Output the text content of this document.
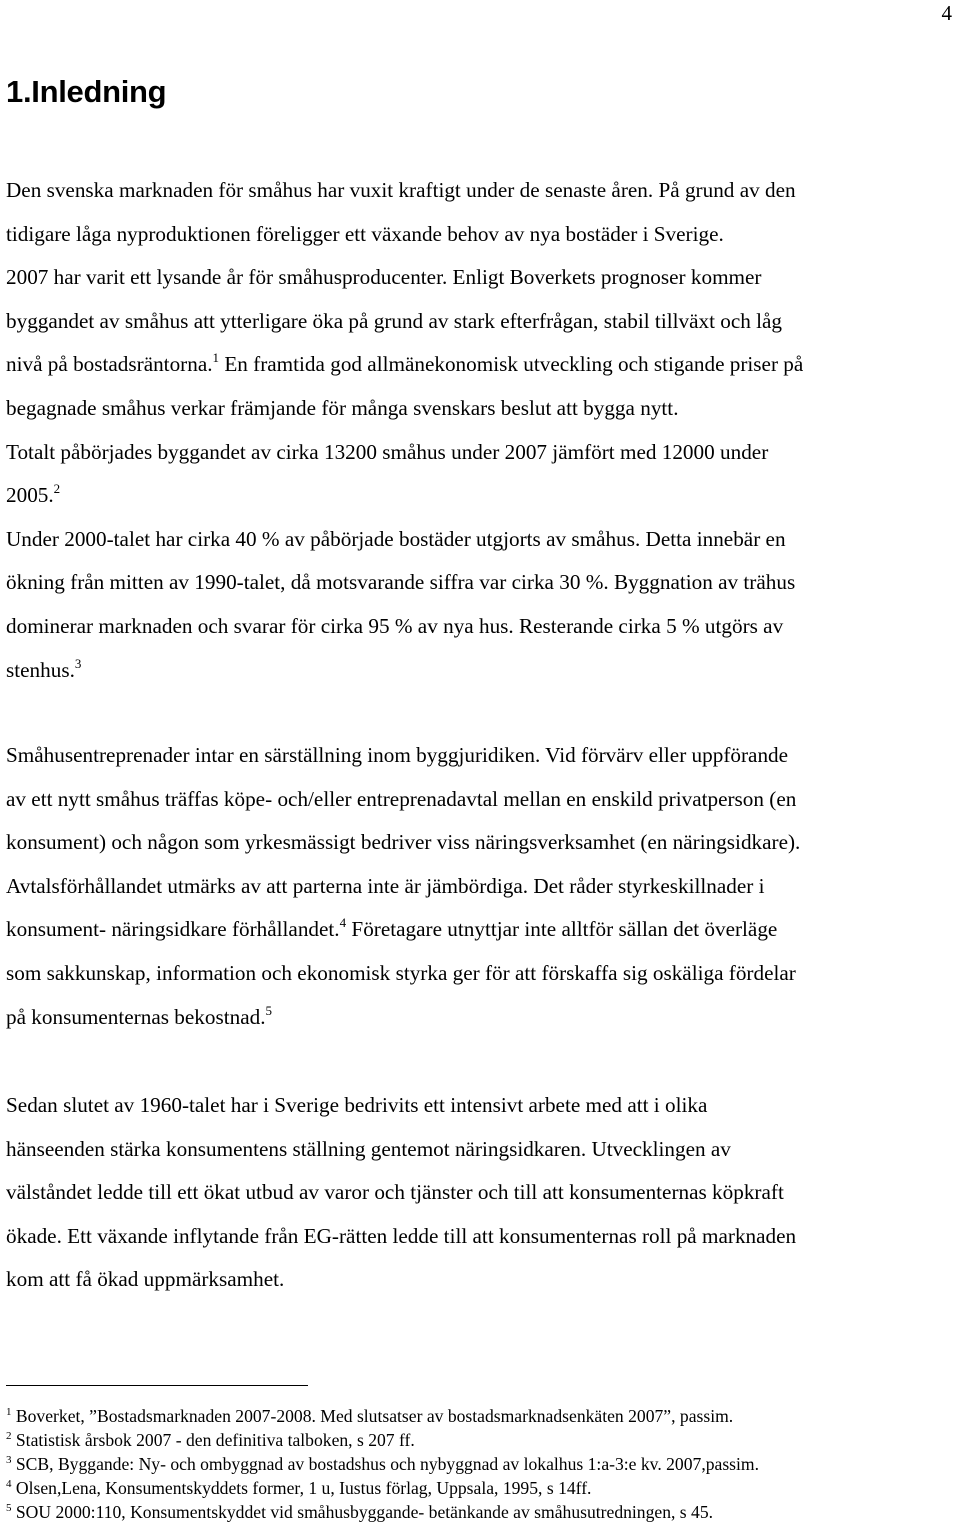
4
1.Inledning

Den svenska marknaden för småhus har vuxit kraftigt under de senaste åren. På grund av den

tidigare låga nyproduktionen föreligger ett växande behov av nya bostäder i Sverige.

2007 har varit ett lysande år för småhusproducenter. Enligt Boverkets prognoser kommer

byggandet av småhus att ytterligare öka på grund av stark efterfrågan, stabil tillväxt och låg

nivå på bostadsräntorna.$^1$ En framtida god allmänekonomisk utveckling och stigande priser på

begagnade småhus verkar främjande för många svenskars beslut att bygga nytt.

Totalt påbörjades byggandet av cirka 13200 småhus under 2007 jämfört med 12000 under

2005.$^2$

Under 2000-talet har cirka 40 % av påbörjade bostäder utgjorts av småhus. Detta innebär en

ökning från mitten av 1990-talet, då motsvarande siffra var cirka 30 %. Byggnation av trähus

dominerar marknaden och svarar för cirka 95 % av nya hus. Resterande cirka 5 % utgörs av

stenhus.$^3$

Småhusentreprenader intar en särställning inom byggjuridiken. Vid förvärv eller uppförande

av ett nytt småhus träffas köpe- och/eller entreprenadavtal mellan en enskild privatperson (en

konsument) och någon som yrkesmässigt bedriver viss näringsverksamhet (en näringsidkare).

Avtalsförhållandet utmärks av att parterna inte är jämbördiga. Det råder styrkeskillnader i

konsument- näringsidkare förhållandet.$^4$ Företagare utnyttjar inte alltför sällan det överläge

som sakkunskap, information och ekonomisk styrka ger för att förskaffa sig oskäliga fördelar

på konsumenternas bekostnad.$^5$

Sedan slutet av 1960-talet har i Sverige bedrivits ett intensivt arbete med att i olika

hänseenden stärka konsumentens ställning gentemot näringsidkaren. Utvecklingen av

välståndet ledde till ett ökat utbud av varor och tjänster och till att konsumenternas köpkraft

ökade. Ett växande inflytande från EG-rätten ledde till att konsumenternas roll på marknaden

kom att få ökad uppmärksamhet.

$^1$ Boverket, ”Bostadsmarknaden 2007-2008. Med slutsatser av bostadsmarknadsenkäten 2007”, passim.
$^2$ Statistisk årsbok 2007 - den definitiva talboken, s 207 ff.
$^3$ SCB, Byggande: Ny- och ombyggnad av bostadshus och nybyggnad av lokalhus 1:a-3:e kv. 2007,passim.
$^4$ Olsen,Lena, Konsumentskyddets former, 1 u, Iustus förlag, Uppsala, 1995, s 14ff.
$^5$ SOU 2000:110, Konsumentskyddet vid småhusbyggande- betänkande av småhusutredningen, s 45.
